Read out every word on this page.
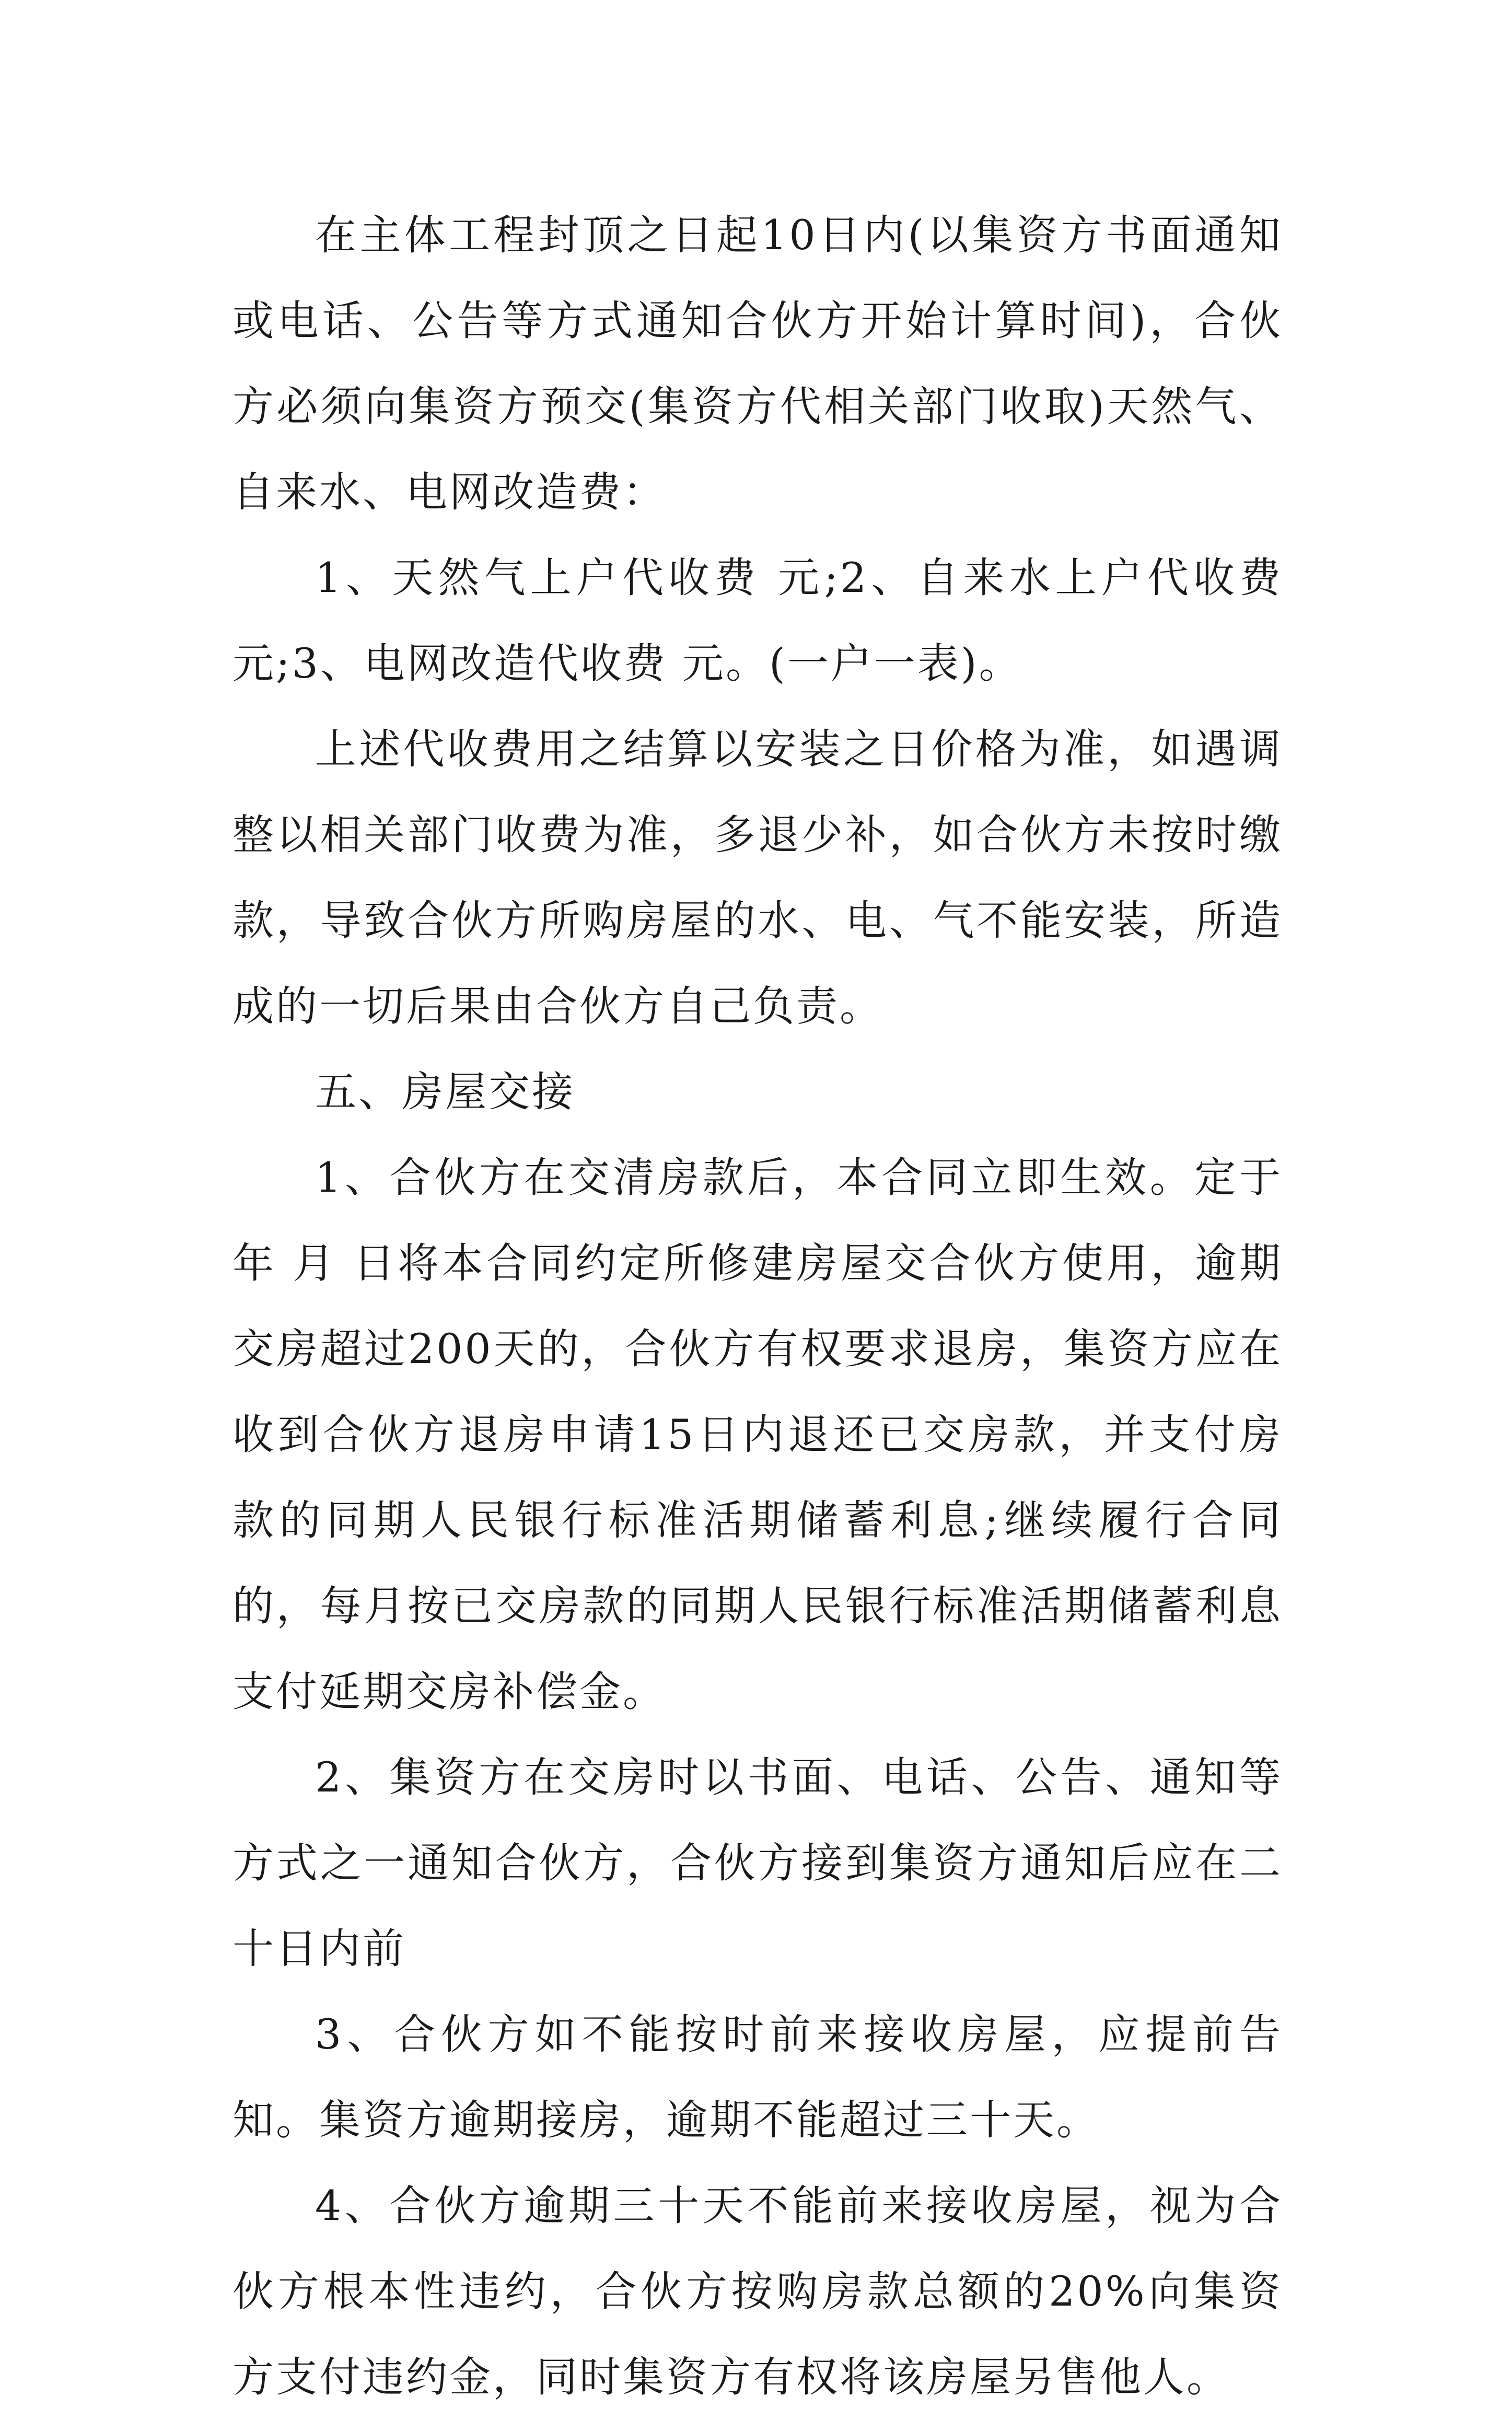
在主体工程封顶之日起10日内(以集资方书面通知或电话、公告等方式通知合伙方开始计算时间)，合伙方必须向集资方预交(集资方代相关部门收取)天然气、自来水、电网改造费：

1、天然气上户代收费 元;2、自来水上户代收费 元;3、电网改造代收费 元。(一户一表)。

上述代收费用之结算以安装之日价格为准，如遇调整以相关部门收费为准，多退少补，如合伙方未按时缴款，导致合伙方所购房屋的水、电、气不能安装，所造成的一切后果由合伙方自己负责。

五、房屋交接

1、合伙方在交清房款后，本合同立即生效。定于 年 月 日将本合同约定所修建房屋交合伙方使用，逾期交房超过200天的，合伙方有权要求退房，集资方应在收到合伙方退房申请15日内退还已交房款，并支付房款的同期人民银行标准活期储蓄利息;继续履行合同的，每月按已交房款的同期人民银行标准活期储蓄利息支付延期交房补偿金。

2、集资方在交房时以书面、电话、公告、通知等方式之一通知合伙方，合伙方接到集资方通知后应在二十日内前

3、合伙方如不能按时前来接收房屋，应提前告知。集资方逾期接房，逾期不能超过三十天。

4、合伙方逾期三十天不能前来接收房屋，视为合伙方根本性违约，合伙方按购房款总额的20%向集资方支付违约金，同时集资方有权将该房屋另售他人。
